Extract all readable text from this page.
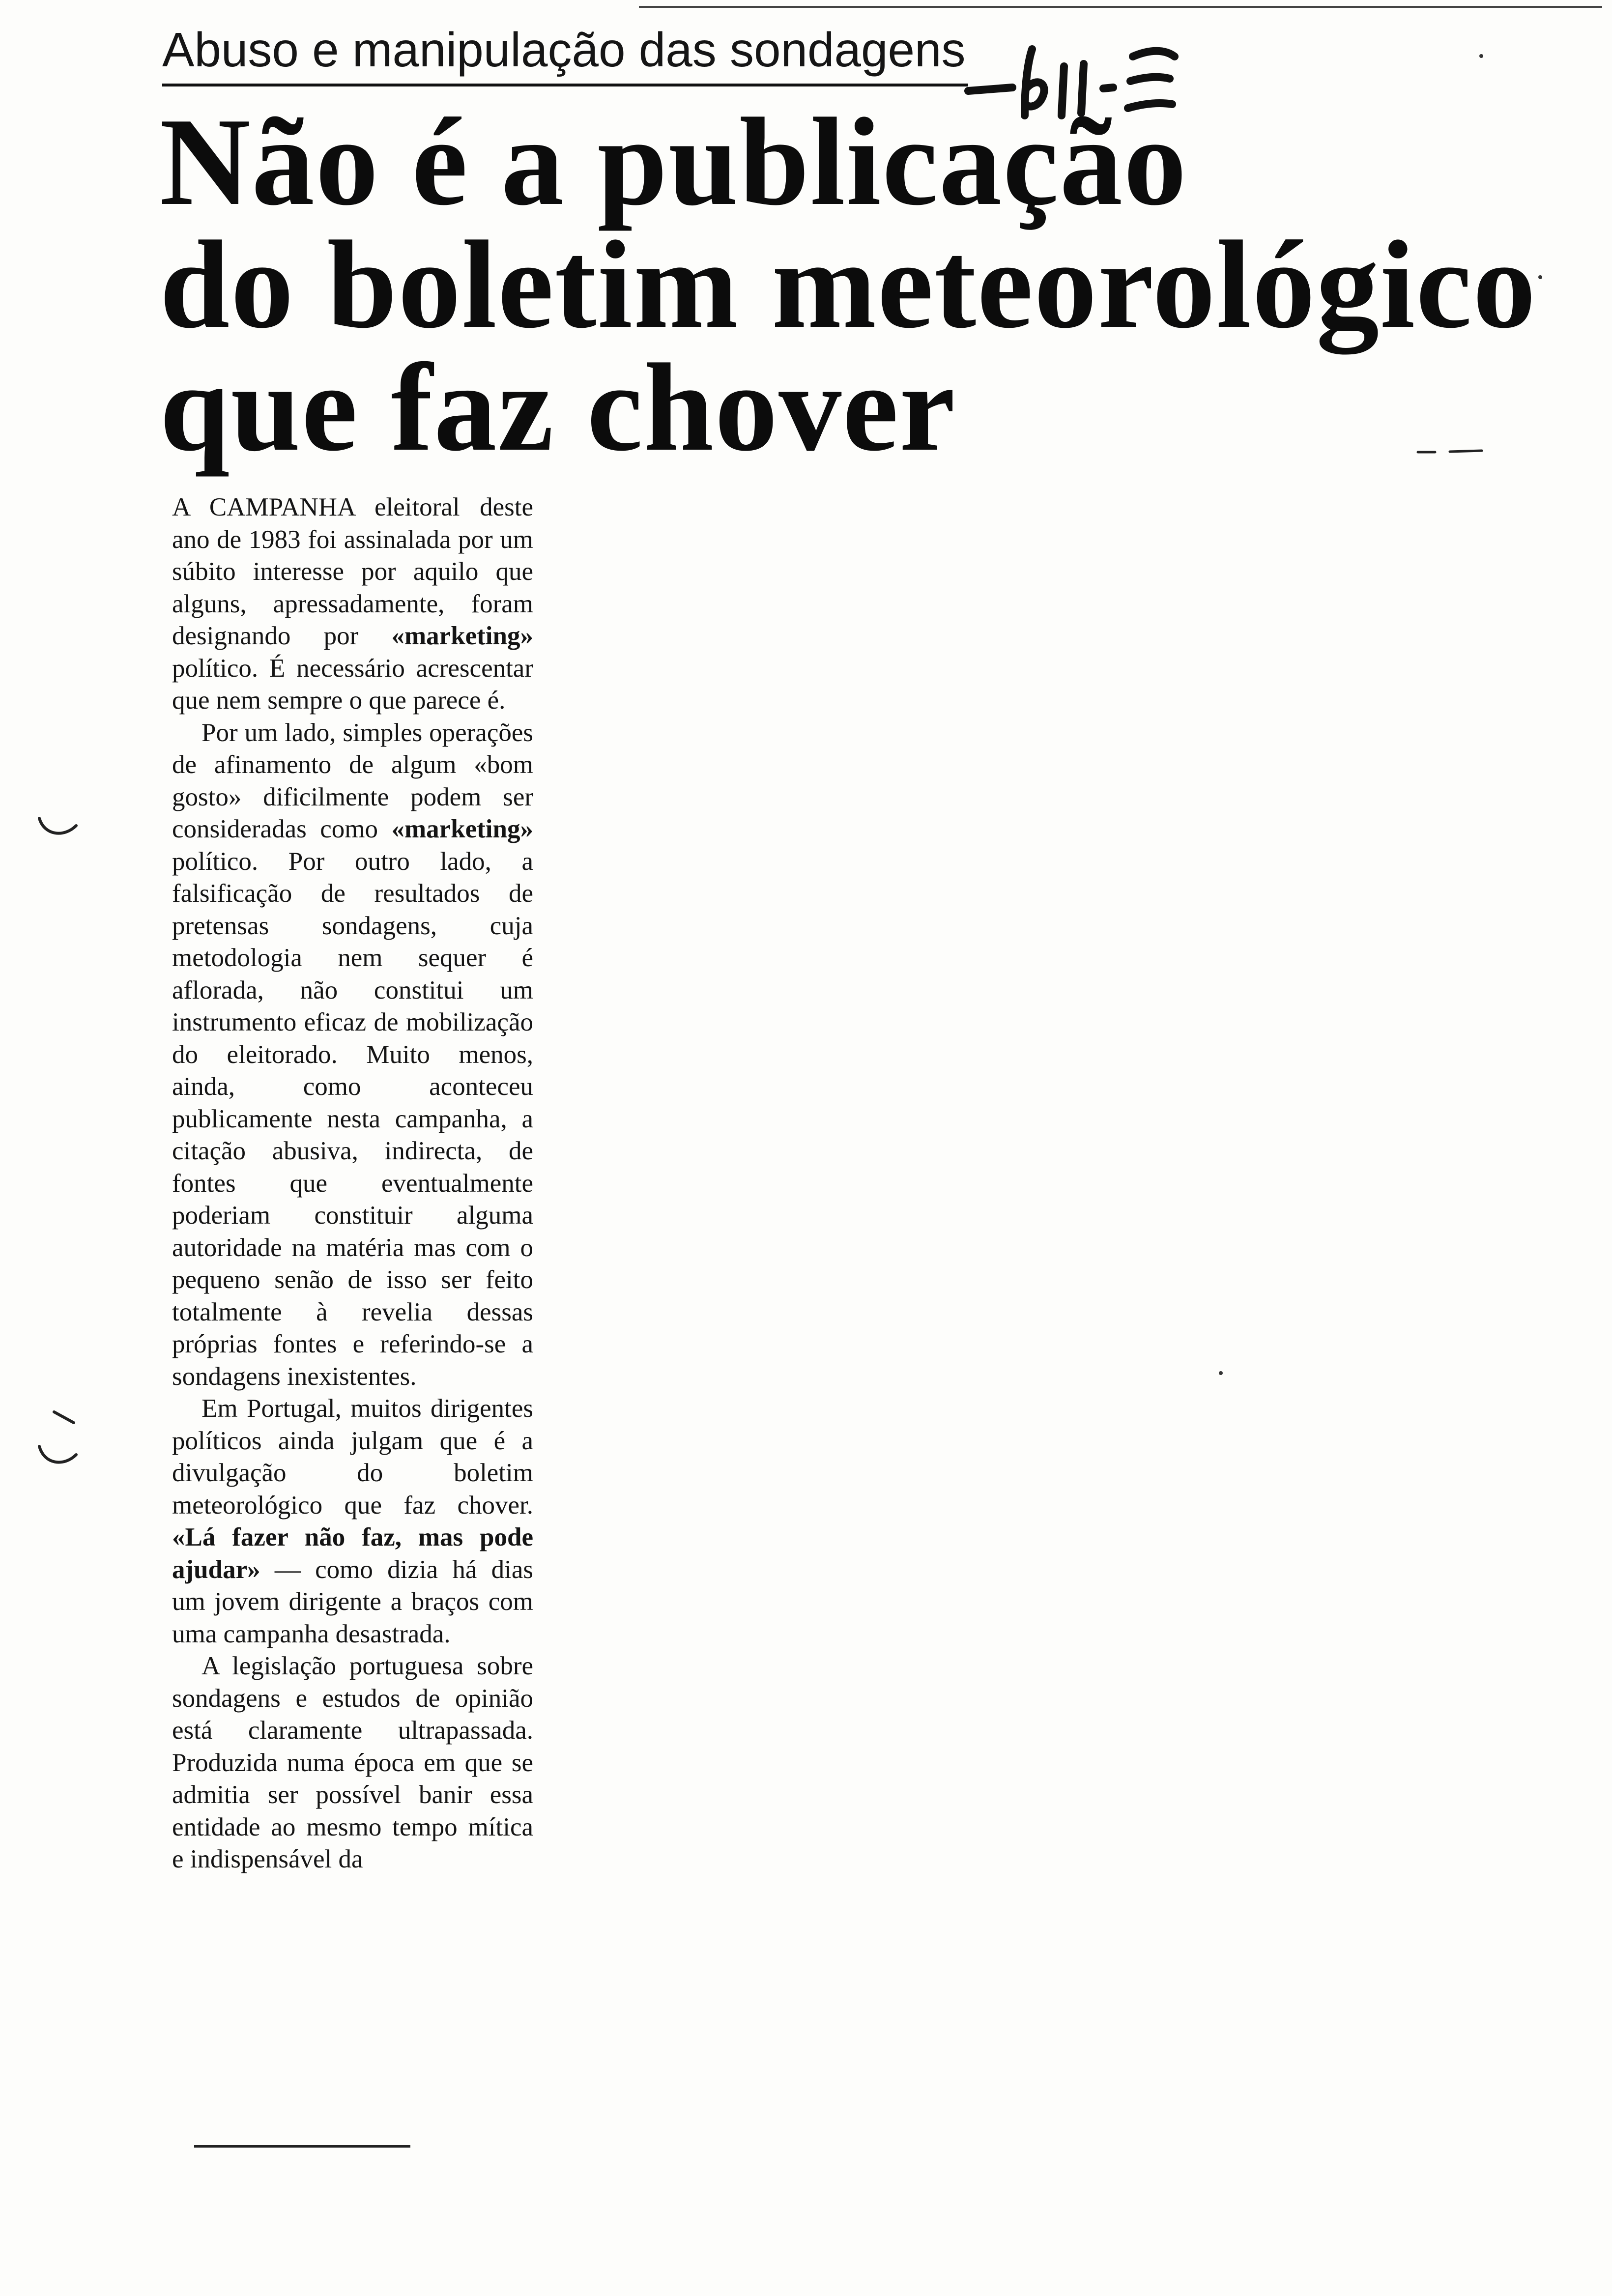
Abuso e manipulação das sondagens
Não é a publicação
do boletim meteorológico
que faz chover

A CAMPANHA eleitoral deste ano de 1983 foi assinalada por um súbito interesse por aquilo que alguns, apressadamente, foram designando por «marketing» político. É necessário acrescentar que nem sempre o que parece é.

Por um lado, simples operações de afinamento de algum «bom gosto» dificilmente podem ser consideradas como «marketing» político. Por outro lado, a falsificação de resultados de pretensas sondagens, cuja metodologia nem sequer é aflorada, não constitui um instrumento eficaz de mobilização do eleitorado. Muito menos, ainda, como aconteceu publicamente nesta campanha, a citação abusiva, indirecta, de fontes que eventualmente poderiam constituir alguma autoridade na matéria mas com o pequeno senão de isso ser feito totalmente à revelia dessas próprias fontes e referindo-se a sondagens inexistentes.

Em Portugal, muitos dirigentes políticos ainda julgam que é a divulgação do boletim meteorológico que faz chover. «Lá fazer não faz, mas pode ajudar» — como dizia há dias um jovem dirigente a braços com uma campanha desastrada.

A legislação portuguesa sobre sondagens e estudos de opinião está claramente ultrapassada. Produzida numa época em que se admitia ser possível banir essa entidade ao mesmo tempo mítica e indispensável da
